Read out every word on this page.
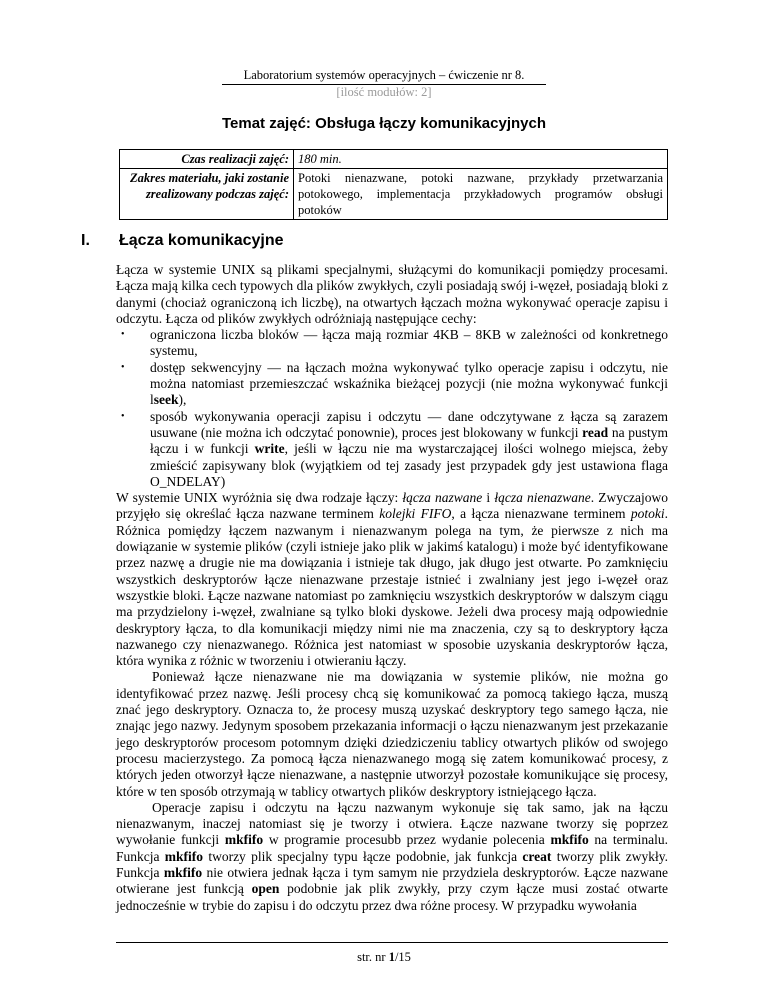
Laboratorium systemów operacyjnych – ćwiczenie nr 8.
[ilość modułów: 2]
Temat zajęć: Obsługa łączy komunikacyjnych
Czas realizacji zajęć:	180 min.
Zakres materiału, jaki zostanie zrealizowany podczas zajęć:	Potoki nienazwane, potoki nazwane, przykłady przetwarzania potokowego, implementacja przykładowych programów obsługi potoków
I. Łącza komunikacyjne

Łącza w systemie UNIX są plikami specjalnymi, służącymi do komunikacji pomiędzy procesami. Łącza mają kilka cech typowych dla plików zwykłych, czyli posiadają swój i-węzeł, posiadają bloki z danymi (chociaż ograniczoną ich liczbę), na otwartych łączach można wykonywać operacje zapisu i odczytu. Łącza od plików zwykłych odróżniają następujące cechy:

• ograniczona liczba bloków — łącza mają rozmiar 4KB – 8KB w zależności od konkretnego systemu,
• dostęp sekwencyjny — na łączach można wykonywać tylko operacje zapisu i odczytu, nie można natomiast przemieszczać wskaźnika bieżącej pozycji (nie można wykonywać funkcji lseek),
• sposób wykonywania operacji zapisu i odczytu — dane odczytywane z łącza są zarazem usuwane (nie można ich odczytać ponownie), proces jest blokowany w funkcji read na pustym łączu i w funkcji write, jeśli w łączu nie ma wystarczającej ilości wolnego miejsca, żeby zmieścić zapisywany blok (wyjątkiem od tej zasady jest przypadek gdy jest ustawiona flaga O_NDELAY)

W systemie UNIX wyróżnia się dwa rodzaje łączy: łącza nazwane i łącza nienazwane. Zwyczajowo przyjęło się określać łącza nazwane terminem kolejki FIFO, a łącza nienazwane terminem potoki. Różnica pomiędzy łączem nazwanym i nienazwanym polega na tym, że pierwsze z nich ma dowiązanie w systemie plików (czyli istnieje jako plik w jakimś katalogu) i może być identyfikowane przez nazwę a drugie nie ma dowiązania i istnieje tak długo, jak długo jest otwarte. Po zamknięciu wszystkich deskryptorów łącze nienazwane przestaje istnieć i zwalniany jest jego i-węzeł oraz wszystkie bloki. Łącze nazwane natomiast po zamknięciu wszystkich deskryptorów w dalszym ciągu ma przydzielony i-węzeł, zwalniane są tylko bloki dyskowe. Jeżeli dwa procesy mają odpowiednie deskryptory łącza, to dla komunikacji między nimi nie ma znaczenia, czy są to deskryptory łącza nazwanego czy nienazwanego. Różnica jest natomiast w sposobie uzyskania deskryptorów łącza, która wynika z różnic w tworzeniu i otwieraniu łączy.

Ponieważ łącze nienazwane nie ma dowiązania w systemie plików, nie można go identyfikować przez nazwę. Jeśli procesy chcą się komunikować za pomocą takiego łącza, muszą znać jego deskryptory. Oznacza to, że procesy muszą uzyskać deskryptory tego samego łącza, nie znając jego nazwy. Jedynym sposobem przekazania informacji o łączu nienazwanym jest przekazanie jego deskryptorów procesom potomnym dzięki dziedziczeniu tablicy otwartych plików od swojego procesu macierzystego. Za pomocą łącza nienazwanego mogą się zatem komunikować procesy, z których jeden otworzył łącze nienazwane, a następnie utworzył pozostałe komunikujące się procesy, które w ten sposób otrzymają w tablicy otwartych plików deskryptory istniejącego łącza.

Operacje zapisu i odczytu na łączu nazwanym wykonuje się tak samo, jak na łączu nienazwanym, inaczej natomiast się je tworzy i otwiera. Łącze nazwane tworzy się poprzez wywołanie funkcji mkfifo w programie procesubb przez wydanie polecenia mkfifo na terminalu. Funkcja mkfifo tworzy plik specjalny typu łącze podobnie, jak funkcja creat tworzy plik zwykły. Funkcja mkfifo nie otwiera jednak łącza i tym samym nie przydziela deskryptorów. Łącze nazwane otwierane jest funkcją open podobnie jak plik zwykły, przy czym łącze musi zostać otwarte jednocześnie w trybie do zapisu i do odczytu przez dwa różne procesy. W przypadku wywołania

str. nr 1/15
